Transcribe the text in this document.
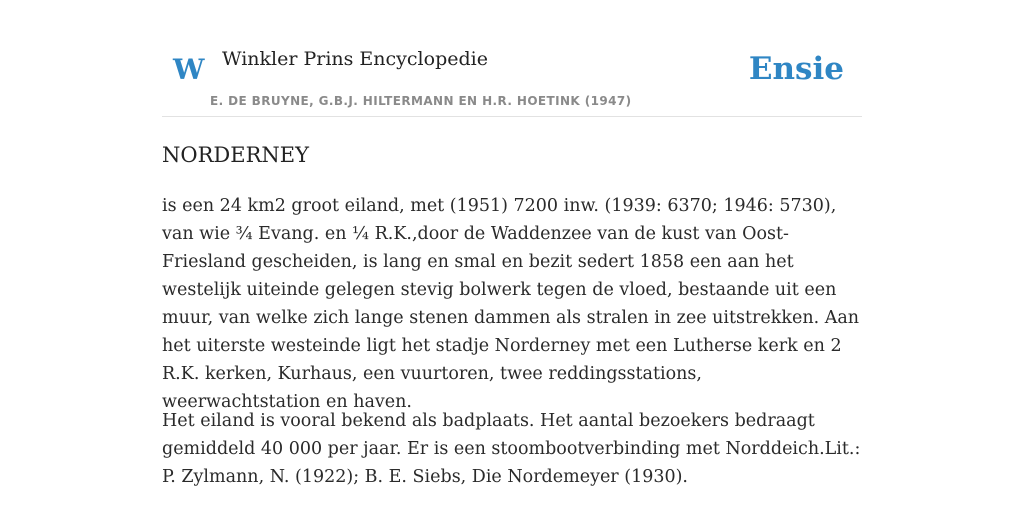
W Winkler Prins Encyclopedie
E. DE BRUYNE, G.B.J. HILTERMANN EN H.R. HOETINK (1947)
Ensie
NORDERNEY

is een 24 km2 groot eiland, met (1951) 7200 inw. (1939: 6370; 1946: 5730), van wie ¾ Evang. en ¼ R.K.,door de Waddenzee van de kust van Oost-Friesland gescheiden, is lang en smal en bezit sedert 1858 een aan het westelijk uiteinde gelegen stevig bolwerk tegen de vloed, bestaande uit een muur, van welke zich lange stenen dammen als stralen in zee uitstrekken. Aan het uiterste westeinde ligt het stadje Norderney met een Lutherse kerk en 2 R.K. kerken, Kurhaus, een vuurtoren, twee reddingsstations, weerwachtstation en haven.

Het eiland is vooral bekend als badplaats. Het aantal bezoekers bedraagt gemiddeld 40 000 per jaar. Er is een stoombootverbinding met Norddeich.Lit.: P. Zylmann, N. (1922); B. E. Siebs, Die Nordemeyer (1930).
